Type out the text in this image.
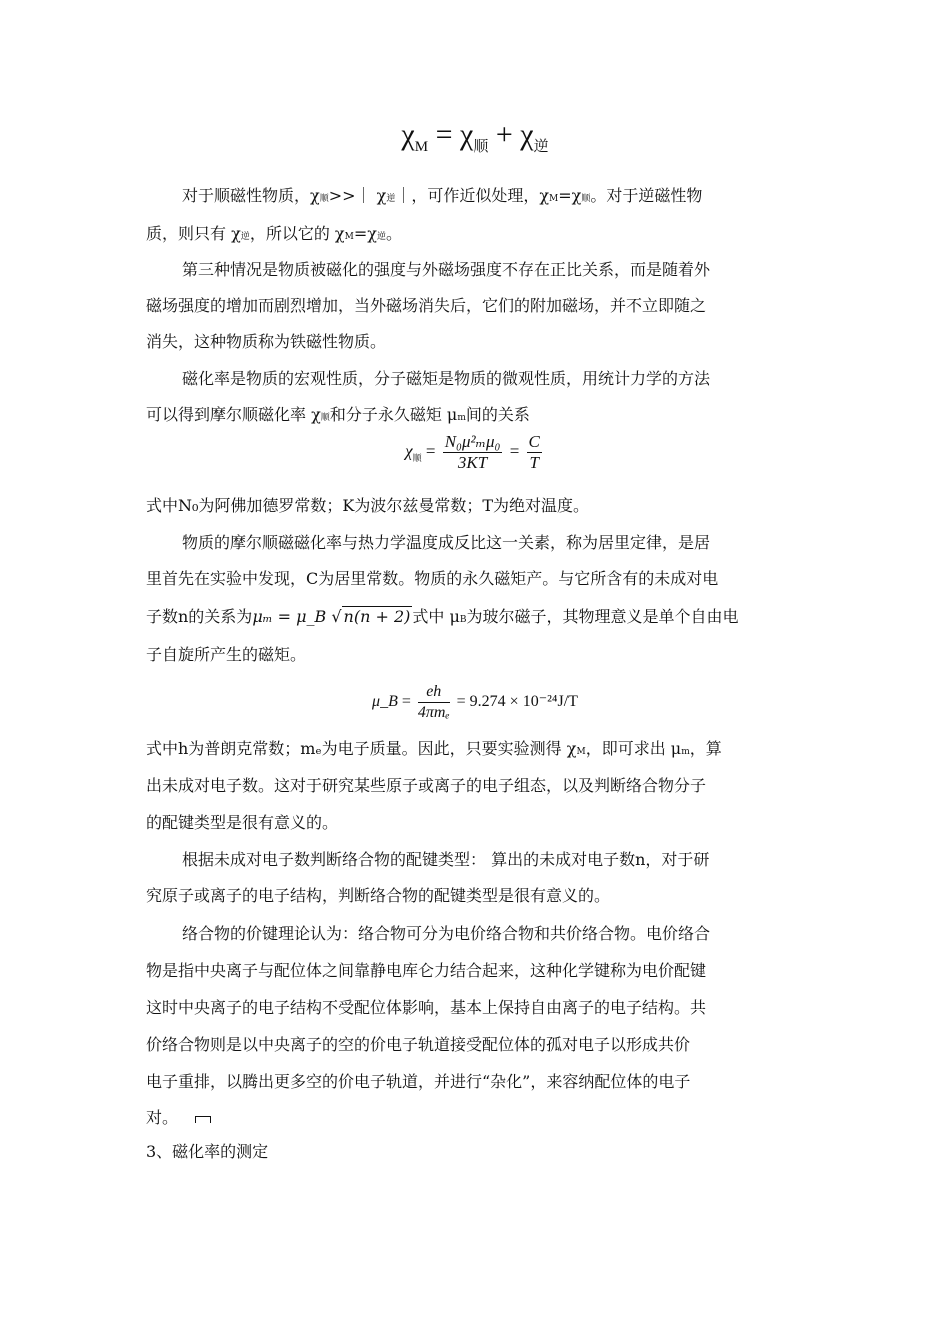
$\chi_M = \chi_顺 + \chi_逆$
对于顺磁性物质，χ顺>>｜ χ逆｜，可作近似处理，χM=χ顺。对于逆磁性物
质，则只有 χ逆，所以它的 χM=χ逆。
第三种情况是物质被磁化的强度与外磁场强度不存在正比关系，而是随着外
磁场强度的增加而剧烈增加，当外磁场消失后，它们的附加磁场，并不立即随之
消失，这种物质称为铁磁性物质。
磁化率是物质的宏观性质，分子磁矩是物质的微观性质，用统计力学的方法
可以得到摩尔顺磁化率 χ顺和分子永久磁矩 μm间的关系
$\chi_顺 = \frac{\text{N₀μ²ₘμ₀}}{3KT} = \frac{C}{T}$
式中N₀为阿佛加德罗常数；K为波尔兹曼常数；T为绝对温度。
物质的摩尔顺磁磁化率与热力学温度成反比这一关素，称为居里定律，是居
里首先在实验中发现，C为居里常数。物质的永久磁矩产。与它所含有的未成对电
子数n的关系为μₘ = μ_B √ n(n + 2) 式中 μB为玻尔磁子，其物理意义是单个自由电
子自旋所产生的磁矩。
μ_B = $\frac{eh}{\text{4πmₑ}} = 9.274 \times 10^{-24}J/T$
式中h为普朗克常数；mₑ为电子质量。因此，只要实验测得 χM，即可求出 μm，算
出未成对电子数。这对于研究某些原子或离子的电子组态，以及判断络合物分子
的配键类型是很有意义的。
根据未成对电子数判断络合物的配键类型： 算出的未成对电子数n，对于研
究原子或离子的电子结构，判断络合物的配键类型是很有意义的。
络合物的价键理论认为：络合物可分为电价络合物和共价络合物。电价络合
物是指中央离子与配位体之间靠静电库仑力结合起来，这种化学键称为电价配键
这时中央离子的电子结构不受配位体影响，基本上保持自由离子的电子结构。共
价络合物则是以中央离子的空的价电子轨道接受配位体的孤对电子以形成共价
电子重排，以腾出更多空的价电子轨道，并进行“杂化”，来容纳配位体的电子
对。
3、磁化率的测定
